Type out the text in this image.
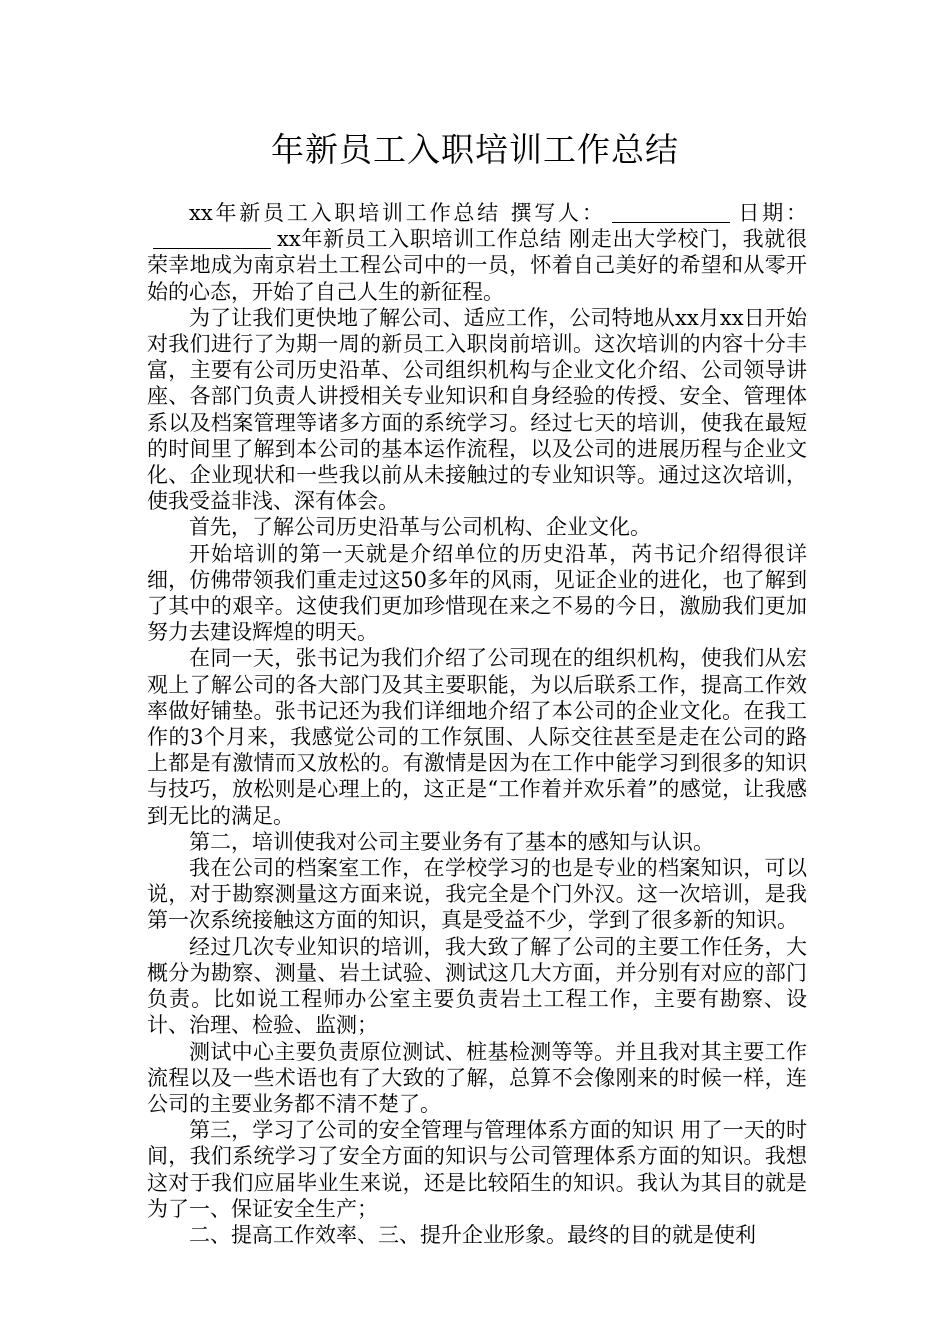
年新员工入职培训工作总结

xx年新员工入职培训工作总结 撰写人：	日期：xx年新员工入职培训工作总结 刚走出大学校门，我就很荣幸地成为南京岩土工程公司中的一员，怀着自己美好的希望和从零开始的心态，开始了自己人生的新征程。

为了让我们更快地了解公司、适应工作，公司特地从xx月xx日开始对我们进行了为期一周的新员工入职岗前培训。这次培训的内容十分丰富，主要有公司历史沿革、公司组织机构与企业文化介绍、公司领导讲座、各部门负责人讲授相关专业知识和自身经验的传授、安全、管理体系以及档案管理等诸多方面的系统学习。经过七天的培训，使我在最短的时间里了解到本公司的基本运作流程，以及公司的进展历程与企业文化、企业现状和一些我以前从未接触过的专业知识等。通过这次培训，使我受益非浅、深有体会。

首先，了解公司历史沿革与公司机构、企业文化。

开始培训的第一天就是介绍单位的历史沿革，芮书记介绍得很详细，仿佛带领我们重走过这50多年的风雨，见证企业的进化，也了解到了其中的艰辛。这使我们更加珍惜现在来之不易的今日，激励我们更加努力去建设辉煌的明天。

在同一天，张书记为我们介绍了公司现在的组织机构，使我们从宏观上了解公司的各大部门及其主要职能，为以后联系工作，提高工作效率做好铺垫。张书记还为我们详细地介绍了本公司的企业文化。在我工作的3个月来，我感觉公司的工作氛围、人际交往甚至是走在公司的路上都是有激情而又放松的。有激情是因为在工作中能学习到很多的知识与技巧，放松则是心理上的，这正是“工作着并欢乐着”的感觉，让我感到无比的满足。

第二，培训使我对公司主要业务有了基本的感知与认识。

我在公司的档案室工作，在学校学习的也是专业的档案知识，可以说，对于勘察测量这方面来说，我完全是个门外汉。这一次培训，是我第一次系统接触这方面的知识，真是受益不少，学到了很多新的知识。

经过几次专业知识的培训，我大致了解了公司的主要工作任务，大概分为勘察、测量、岩土试验、测试这几大方面，并分别有对应的部门负责。比如说工程师办公室主要负责岩土工程工作，主要有勘察、设计、治理、检验、监测；

测试中心主要负责原位测试、桩基检测等等。并且我对其主要工作流程以及一些术语也有了大致的了解，总算不会像刚来的时候一样，连公司的主要业务都不清不楚了。

第三，学习了公司的安全管理与管理体系方面的知识 用了一天的时间，我们系统学习了安全方面的知识与公司管理体系方面的知识。我想这对于我们应届毕业生来说，还是比较陌生的知识。我认为其目的就是为了一、保证安全生产；

二、提高工作效率、三、提升企业形象。最终的目的就是使利
